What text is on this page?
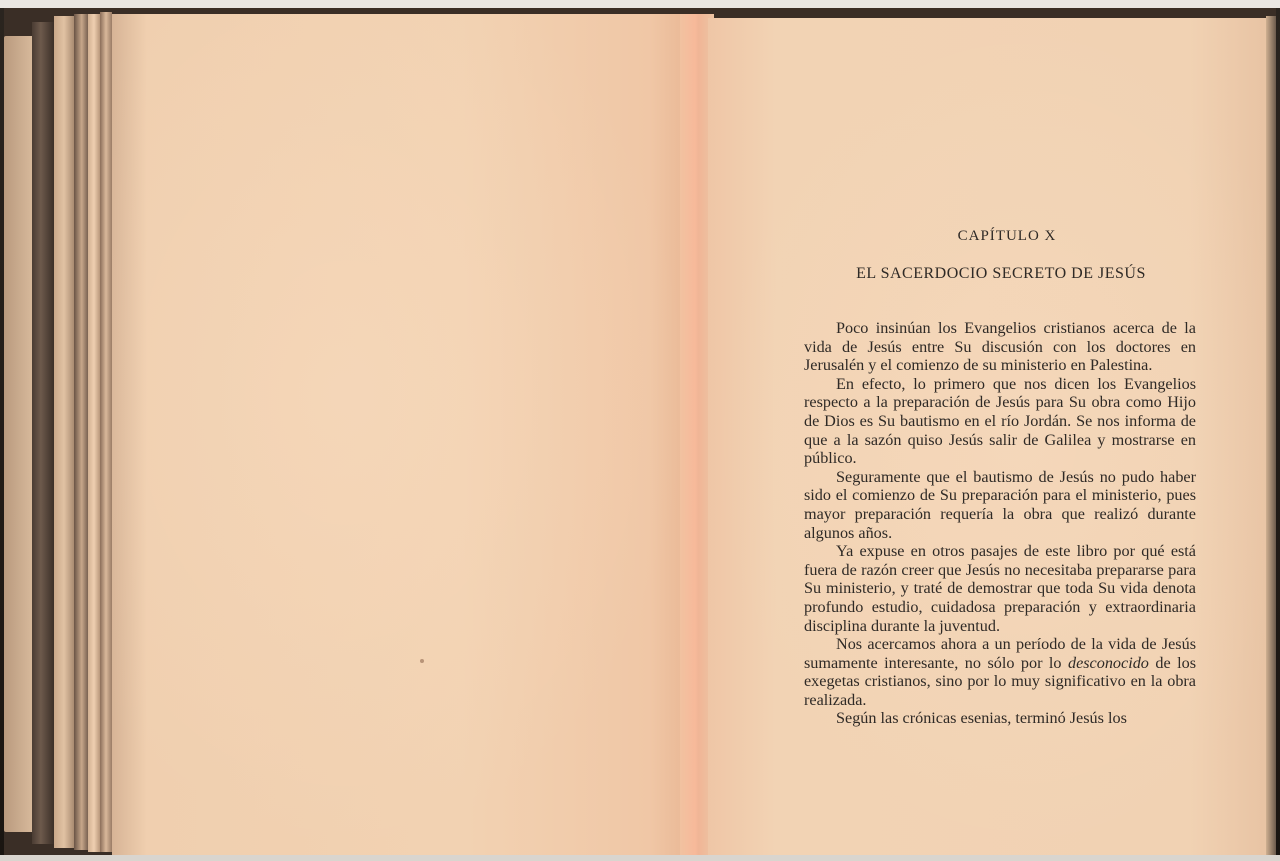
CAPÍTULO X
EL SACERDOCIO SECRETO DE JESÚS

Poco insinúan los Evangelios cristianos acerca de la vida de Jesús entre Su discusión con los doctores en Jerusalén y el comienzo de su ministerio en Palestina.

En efecto, lo primero que nos dicen los Evangelios respecto a la preparación de Jesús para Su obra como Hijo de Dios es Su bautismo en el río Jordán. Se nos informa de que a la sazón quiso Jesús salir de Galilea y mostrarse en público.

Seguramente que el bautismo de Jesús no pudo haber sido el comienzo de Su preparación para el ministerio, pues mayor preparación requería la obra que realizó durante algunos años.

Ya expuse en otros pasajes de este libro por qué está fuera de razón creer que Jesús no necesitaba prepararse para Su ministerio, y traté de demostrar que toda Su vida denota profundo estudio, cuidadosa preparación y extraordinaria disciplina durante la juventud.

Nos acercamos ahora a un período de la vida de Jesús sumamente interesante, no sólo por lo desconocido de los exegetas cristianos, sino por lo muy significativo en la obra realizada.

Según las crónicas esenias, terminó Jesús los
